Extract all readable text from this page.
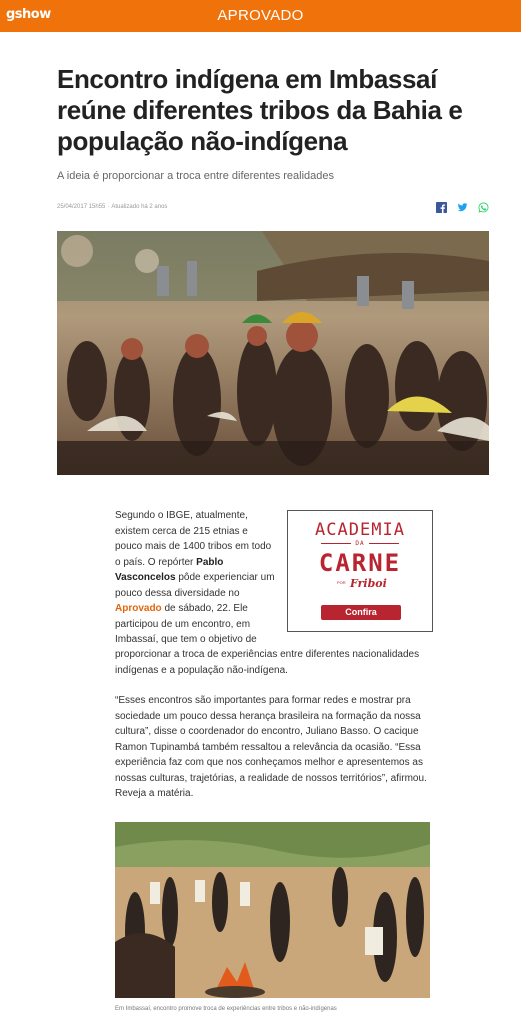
gshow	APROVADO
Encontro indígena em Imbassaí reúne diferentes tribos da Bahia e população não-indígena

A ideia é proporcionar a troca entre diferentes realidades

25/04/2017 15h55 · Atualizado há 2 anos
Segundo o IBGE, atualmente, existem cerca de 215 etnias e pouco mais de 1400 tribos em todo o país. O repórter Pablo Vasconcelos pôde experienciar um pouco dessa diversidade no Aprovado de sábado, 22. Ele participou de um encontro, em Imbassaí, que tem o objetivo de
proporcionar a troca de experiências entre diferentes nacionalidades indígenas e a população não-indígena.
ACADEMIA
DA
CARNE
POR Friboi
Confira
“Esses encontros são importantes para formar redes e mostrar pra sociedade um pouco dessa herança brasileira na formação da nossa cultura”, disse o coordenador do encontro, Juliano Basso. O cacique Ramon Tupinambá também ressaltou a relevância da ocasião. “Essa experiência faz com que nos conheçamos melhor e apresentemos as nossas culturas, trajetórias, a realidade de nossos territórios”, afirmou. Reveja a matéria.

Em Imbassaí, encontro promove troca de experiências entre tribos e não-indígenas
